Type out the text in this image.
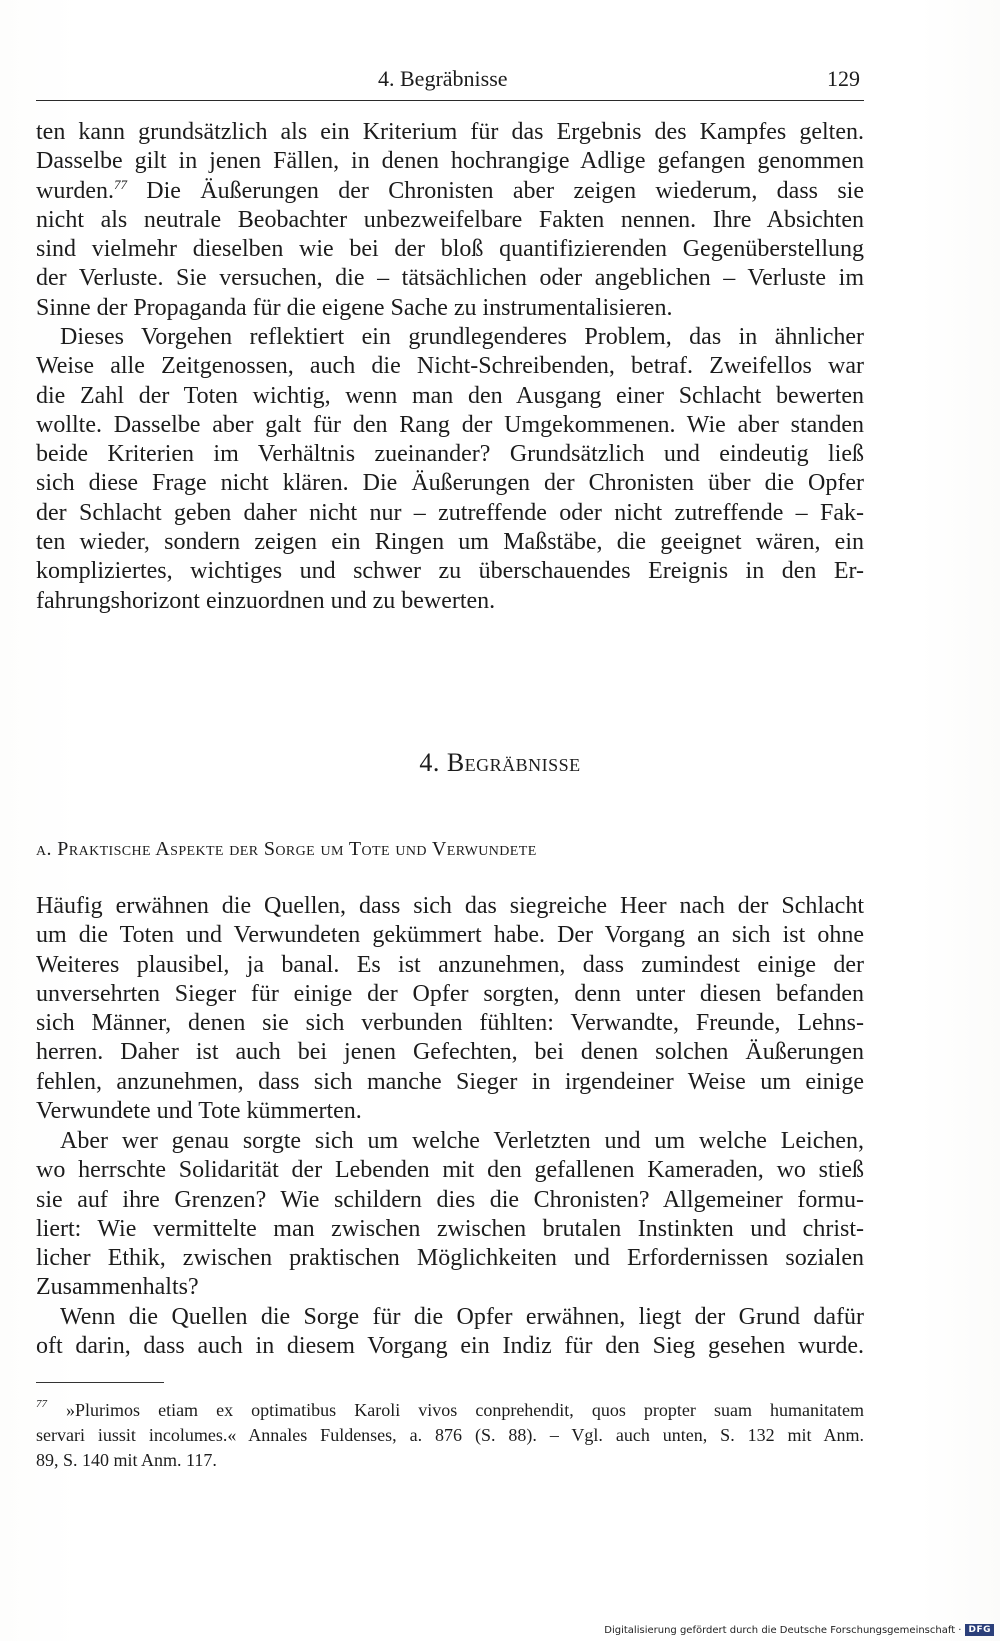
4. Begräbnisse	129
ten kann grundsätzlich als ein Kriterium für das Ergebnis des Kampfes gelten.
Dasselbe gilt in jenen Fällen, in denen hochrangige Adlige gefangen genommen
wurden.$^{77}$ Die Äußerungen der Chronisten aber zeigen wiederum, dass sie
nicht als neutrale Beobachter unbezweifelbare Fakten nennen. Ihre Absichten
sind vielmehr dieselben wie bei der bloß quantifizierenden Gegenüberstellung
der Verluste. Sie versuchen, die – tätsächlichen oder angeblichen – Verluste im
Sinne der Propaganda für die eigene Sache zu instrumentalisieren.
Dieses Vorgehen reflektiert ein grundlegenderes Problem, das in ähnlicher
Weise alle Zeitgenossen, auch die Nicht-Schreibenden, betraf. Zweifellos war
die Zahl der Toten wichtig, wenn man den Ausgang einer Schlacht bewerten
wollte. Dasselbe aber galt für den Rang der Umgekommenen. Wie aber standen
beide Kriterien im Verhältnis zueinander? Grundsätzlich und eindeutig ließ
sich diese Frage nicht klären. Die Äußerungen der Chronisten über die Opfer
der Schlacht geben daher nicht nur – zutreffende oder nicht zutreffende – Fak-
ten wieder, sondern zeigen ein Ringen um Maßstäbe, die geeignet wären, ein
kompliziertes, wichtiges und schwer zu überschauendes Ereignis in den Er-
fahrungshorizont einzuordnen und zu bewerten.
4. Begräbnisse
a. Praktische Aspekte der Sorge um Tote und Verwundete
Häufig erwähnen die Quellen, dass sich das siegreiche Heer nach der Schlacht
um die Toten und Verwundeten gekümmert habe. Der Vorgang an sich ist ohne
Weiteres plausibel, ja banal. Es ist anzunehmen, dass zumindest einige der
unversehrten Sieger für einige der Opfer sorgten, denn unter diesen befanden
sich Männer, denen sie sich verbunden fühlten: Verwandte, Freunde, Lehns-
herren. Daher ist auch bei jenen Gefechten, bei denen solchen Äußerungen
fehlen, anzunehmen, dass sich manche Sieger in irgendeiner Weise um einige
Verwundete und Tote kümmerten.
Aber wer genau sorgte sich um welche Verletzten und um welche Leichen,
wo herrschte Solidarität der Lebenden mit den gefallenen Kameraden, wo stieß
sie auf ihre Grenzen? Wie schildern dies die Chronisten? Allgemeiner formu-
liert: Wie vermittelte man zwischen zwischen brutalen Instinkten und christ-
licher Ethik, zwischen praktischen Möglichkeiten und Erfordernissen sozialen
Zusammenhalts?
Wenn die Quellen die Sorge für die Opfer erwähnen, liegt der Grund dafür
oft darin, dass auch in diesem Vorgang ein Indiz für den Sieg gesehen wurde.
77	»Plurimos etiam ex optimatibus Karoli vivos conprehendit, quos propter suam humanitatem
servari iussit incolumes.« Annales Fuldenses, a. 876 (S. 88). – Vgl. auch unten, S. 132 mit Anm.
89, S. 140 mit Anm. 117.
Digitalisierung gefördert durch die Deutsche Forschungsgemeinschaft · DFG
